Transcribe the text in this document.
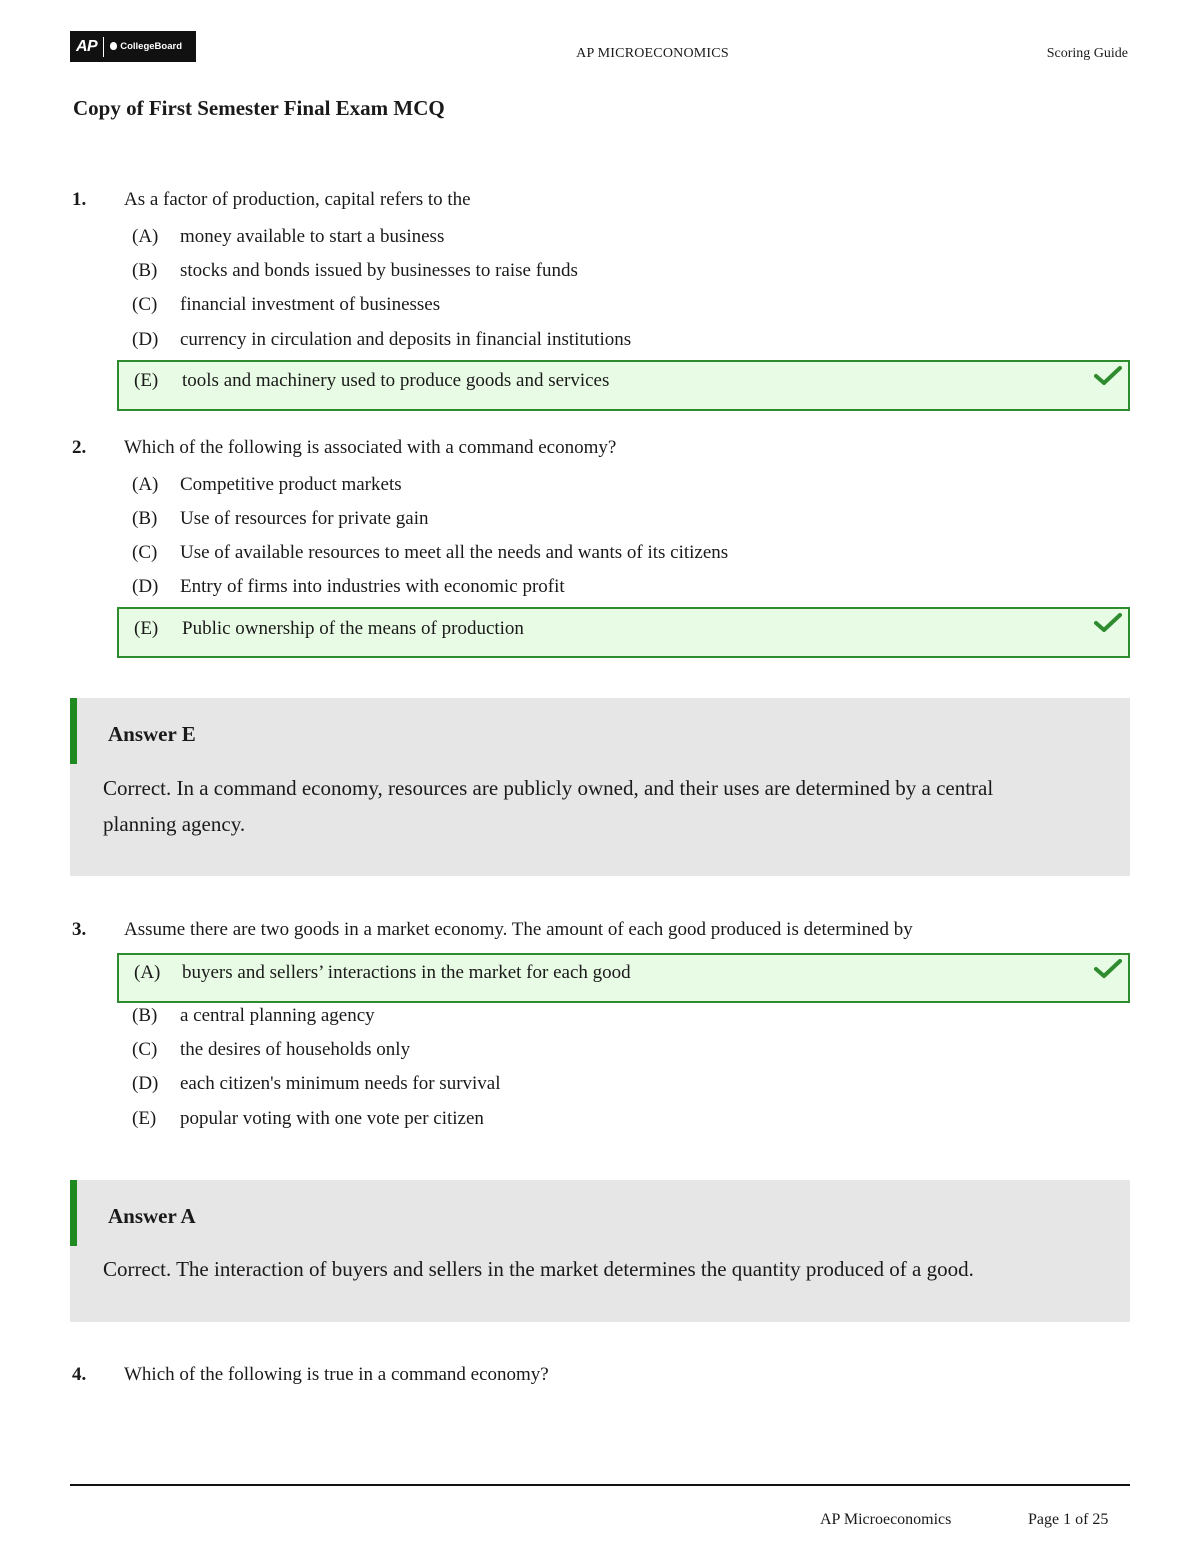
AP	CollegeBoard	AP MICROECONOMICS	Scoring Guide
Copy of First Semester Final Exam MCQ
1. As a factor of production, capital refers to the
(A)	money available to start a business
(B)	stocks and bonds issued by businesses to raise funds
(C)	financial investment of businesses
(D)	currency in circulation and deposits in financial institutions
(E)	tools and machinery used to produce goods and services
2. Which of the following is associated with a command economy?
(A)	Competitive product markets
(B)	Use of resources for private gain
(C)	Use of available resources to meet all the needs and wants of its citizens
(D)	Entry of firms into industries with economic profit
(E)	Public ownership of the means of production
Answer E
Correct. In a command economy, resources are publicly owned, and their uses are determined by a central planning agency.
3. Assume there are two goods in a market economy. The amount of each good produced is determined by
(A)	buyers and sellers’ interactions in the market for each good
(B)	a central planning agency
(C)	the desires of households only
(D)	each citizen's minimum needs for survival
(E)	popular voting with one vote per citizen
Answer A
Correct. The interaction of buyers and sellers in the market determines the quantity produced of a good.
4. Which of the following is true in a command economy?
AP Microeconomics	Page 1 of 25
